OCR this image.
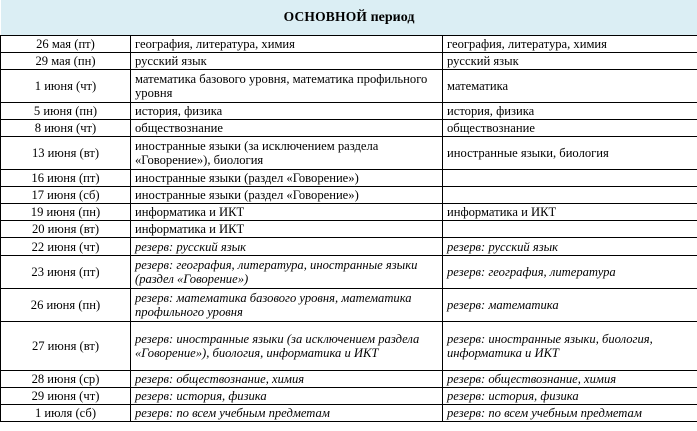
ОСНОВНОЙ период		
26 мая (пт)	география, литература, химия	география, литература, химия
29 мая (пн)	русский язык	русский язык
1 июня (чт)	математика базового уровня, математика профильного уровня	математика
5 июня (пн)	история, физика	история, физика
8 июня (чт)	обществознание	обществознание
13 июня (вт)	иностранные языки (за исключением раздела «Говорение»), биология	иностранные языки, биология
16 июня (пт)	иностранные языки (раздел «Говорение»)	
17 июня (сб)	иностранные языки (раздел «Говорение»)	
19 июня (пн)	информатика и ИКТ	информатика и ИКТ
20 июня (вт)	информатика и ИКТ	
22 июня (чт)	резерв: русский язык	резерв: русский язык
23 июня (пт)	резерв: география, литература, иностранные языки (раздел «Говорение»)	резерв: география, литература
26 июня (пн)	резерв: математика базового уровня, математика профильного уровня	резерв: математика
27 июня (вт)	резерв: иностранные языки (за исключением раздела «Говорение»), биология, информатика и ИКТ	резерв: иностранные языки, биология, информатика и ИКТ
28 июня (ср)	резерв: обществознание, химия	резерв: обществознание, химия
29 июня (чт)	резерв: история, физика	резерв: история, физика
1 июля (сб)	резерв: по всем учебным предметам	резерв: по всем учебным предметам
